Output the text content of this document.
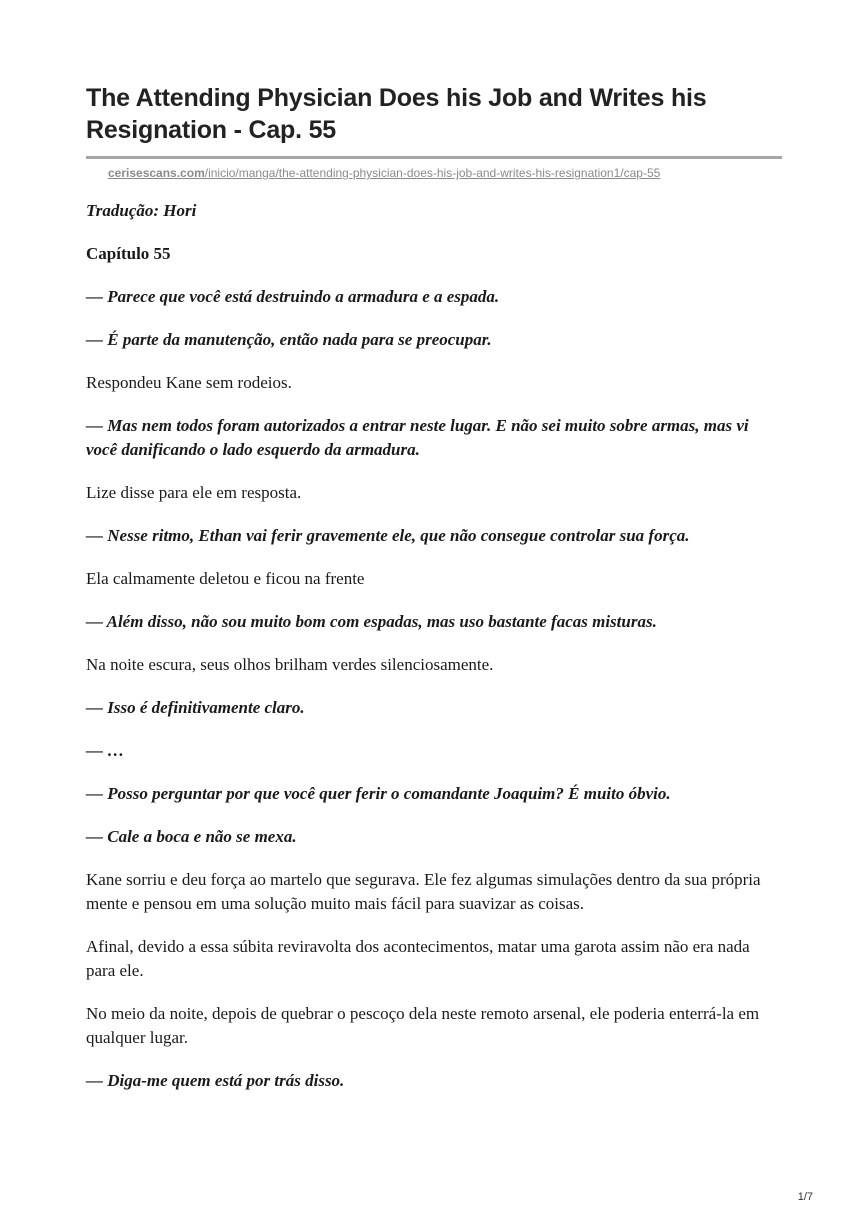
The Attending Physician Does his Job and Writes his Resignation - Cap. 55
cerisescans.com/inicio/manga/the-attending-physician-does-his-job-and-writes-his-resignation1/cap-55

Tradução: Hori

Capítulo 55

— Parece que você está destruindo a armadura e a espada.

— É parte da manutenção, então nada para se preocupar.

Respondeu Kane sem rodeios.

— Mas nem todos foram autorizados a entrar neste lugar. E não sei muito sobre armas, mas vi você danificando o lado esquerdo da armadura.

Lize disse para ele em resposta.

— Nesse ritmo, Ethan vai ferir gravemente ele, que não consegue controlar sua força.

Ela calmamente deletou e ficou na frente

— Além disso, não sou muito bom com espadas, mas uso bastante facas misturas.

Na noite escura, seus olhos brilham verdes silenciosamente.

— Isso é definitivamente claro.

— …

— Posso perguntar por que você quer ferir o comandante Joaquim? É muito óbvio.

— Cale a boca e não se mexa.

Kane sorriu e deu força ao martelo que segurava. Ele fez algumas simulações dentro da sua própria mente e pensou em uma solução muito mais fácil para suavizar as coisas.

Afinal, devido a essa súbita reviravolta dos acontecimentos, matar uma garota assim não era nada para ele.

No meio da noite, depois de quebrar o pescoço dela neste remoto arsenal, ele poderia enterrá-la em qualquer lugar.

— Diga-me quem está por trás disso.

1/7
